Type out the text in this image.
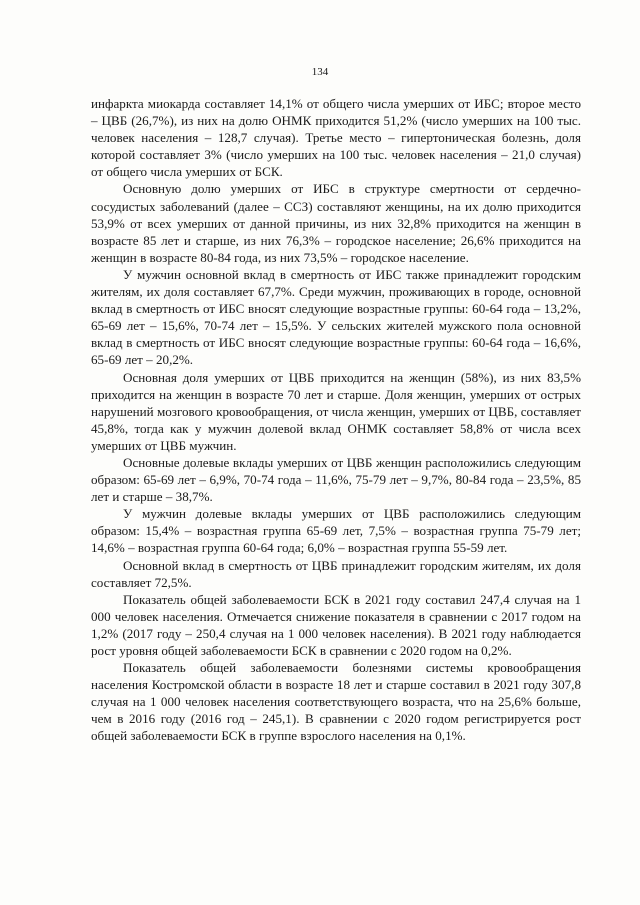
134

инфаркта миокарда составляет 14,1% от общего числа умерших от ИБС; второе место – ЦВБ (26,7%), из них на долю ОНМК приходится 51,2% (число умерших на 100 тыс. человек населения – 128,7 случая). Третье место – гипертоническая болезнь, доля которой составляет 3% (число умерших на 100 тыс. человек населения – 21,0 случая) от общего числа умерших от БСК.

Основную долю умерших от ИБС в структуре смертности от сердечно-сосудистых заболеваний (далее – ССЗ) составляют женщины, на их долю приходится 53,9% от всех умерших от данной причины, из них 32,8% приходится на женщин в возрасте 85 лет и старше, из них 76,3% – городское население; 26,6% приходится на женщин в возрасте 80-84 года, из них 73,5% – городское население.

У мужчин основной вклад в смертность от ИБС также принадлежит городским жителям, их доля составляет 67,7%. Среди мужчин, проживающих в городе, основной вклад в смертность от ИБС вносят следующие возрастные группы: 60-64 года – 13,2%, 65-69 лет – 15,6%, 70-74 лет – 15,5%. У сельских жителей мужского пола основной вклад в смертность от ИБС вносят следующие возрастные группы: 60-64 года – 16,6%, 65-69 лет – 20,2%.

Основная доля умерших от ЦВБ приходится на женщин (58%), из них 83,5% приходится на женщин в возрасте 70 лет и старше. Доля женщин, умерших от острых нарушений мозгового кровообращения, от числа женщин, умерших от ЦВБ, составляет 45,8%, тогда как у мужчин долевой вклад ОНМК составляет 58,8% от числа всех умерших от ЦВБ мужчин.

Основные долевые вклады умерших от ЦВБ женщин расположились следующим образом: 65-69 лет – 6,9%, 70-74 года – 11,6%, 75-79 лет – 9,7%, 80-84 года – 23,5%, 85 лет и старше – 38,7%.

У мужчин долевые вклады умерших от ЦВБ расположились следующим образом: 15,4% – возрастная группа 65-69 лет, 7,5% – возрастная группа 75-79 лет; 14,6% – возрастная группа 60-64 года; 6,0% – возрастная группа 55-59 лет.

Основной вклад в смертность от ЦВБ принадлежит городским жителям, их доля составляет 72,5%.

Показатель общей заболеваемости БСК в 2021 году составил 247,4 случая на 1 000 человек населения. Отмечается снижение показателя в сравнении с 2017 годом на 1,2% (2017 году – 250,4 случая на 1 000 человек населения). В 2021 году наблюдается рост уровня общей заболеваемости БСК в сравнении с 2020 годом на 0,2%.

Показатель общей заболеваемости болезнями системы кровообращения населения Костромской области в возрасте 18 лет и старше составил в 2021 году 307,8 случая на 1 000 человек населения соответствующего возраста, что на 25,6% больше, чем в 2016 году (2016 год – 245,1). В сравнении с 2020 годом регистрируется рост общей заболеваемости БСК в группе взрослого населения на 0,1%.
